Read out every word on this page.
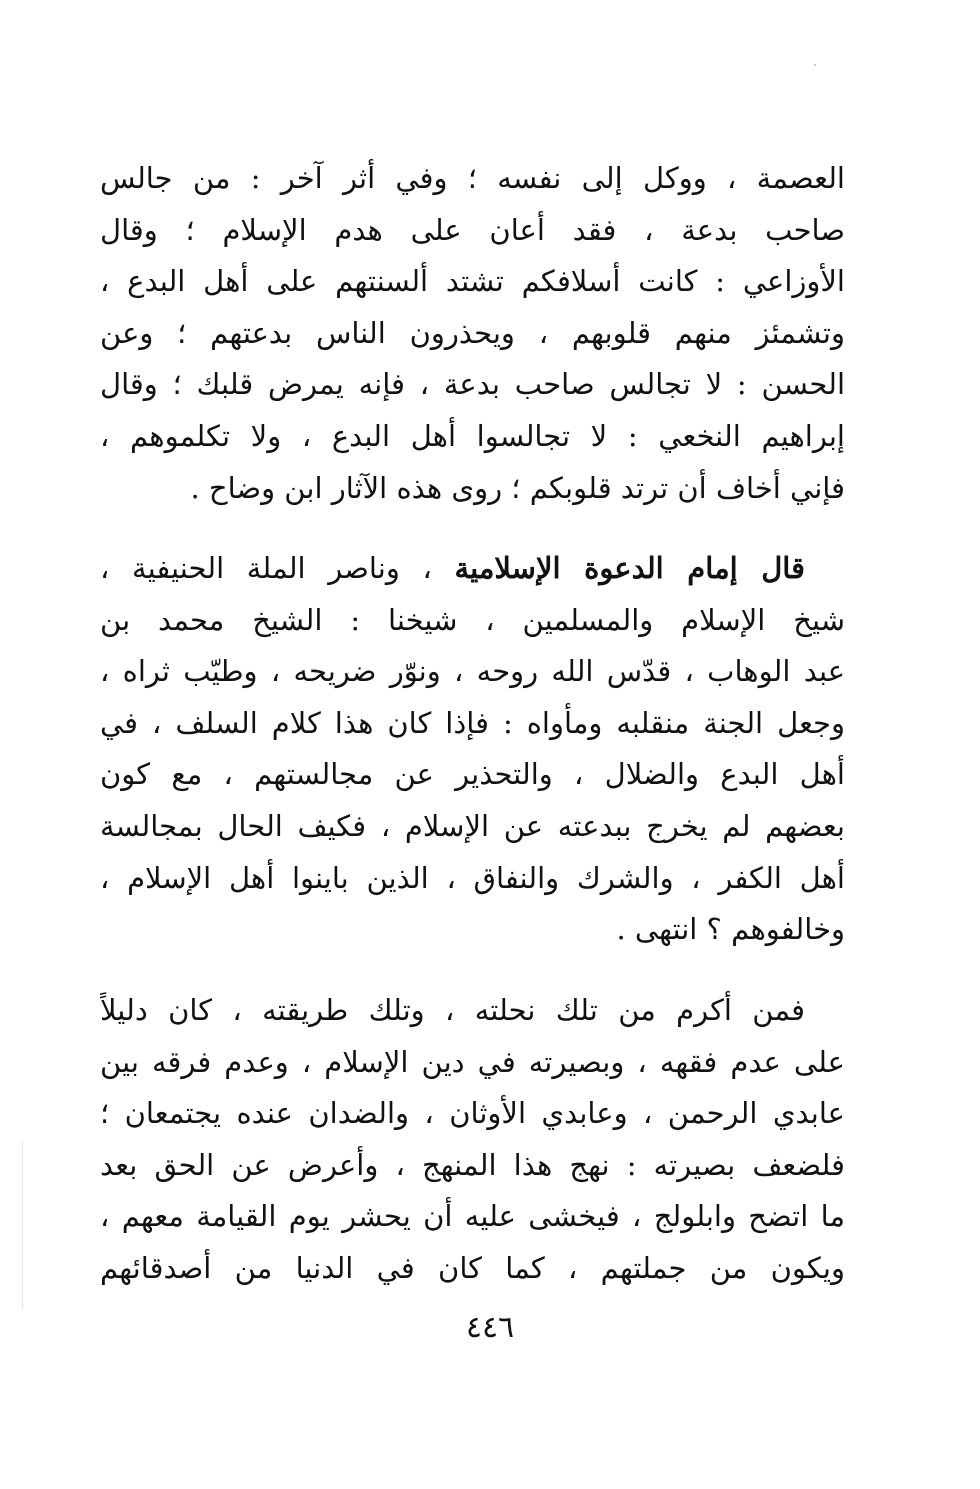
العصمة ، ووكل إلى نفسه ؛ وفي أثر آخر : من جالس
صاحب بدعة ، فقد أعان على هدم الإسلام ؛ وقال
الأوزاعي : كانت أسلافكم تشتد ألسنتهم على أهل البدع ،
وتشمئز منهم قلوبهم ، ويحذرون الناس بدعتهم ؛ وعن
الحسن : لا تجالس صاحب بدعة ، فإنه يمرض قلبك ؛ وقال
إبراهيم النخعي : لا تجالسوا أهل البدع ، ولا تكلموهم ،
فإني أخاف أن ترتد قلوبكم ؛ روى هذه الآثار ابن وضاح .
قال إمام الدعوة الإسلامية ، وناصر الملة الحنيفية ،
شيخ الإسلام والمسلمين ، شيخنا : الشيخ محمد بن
عبد الوهاب ، قدّس الله روحه ، ونوّر ضريحه ، وطيّب ثراه ،
وجعل الجنة منقلبه ومأواه : فإذا كان هذا كلام السلف ، في
أهل البدع والضلال ، والتحذير عن مجالستهم ، مع كون
بعضهم لم يخرج ببدعته عن الإسلام ، فكيف الحال بمجالسة
أهل الكفر ، والشرك والنفاق ، الذين باينوا أهل الإسلام ،
وخالفوهم ؟ انتهى .
فمن أكرم من تلك نحلته ، وتلك طريقته ، كان دليلاً
على عدم فقهه ، وبصيرته في دين الإسلام ، وعدم فرقه بين
عابدي الرحمن ، وعابدي الأوثان ، والضدان عنده يجتمعان ؛
فلضعف بصيرته : نهج هذا المنهج ، وأعرض عن الحق بعد
ما اتضح وابلولج ، فيخشى عليه أن يحشر يوم القيامة معهم ،
ويكون من جملتهم ، كما كان في الدنيا من أصدقائهم
٤٤٦
